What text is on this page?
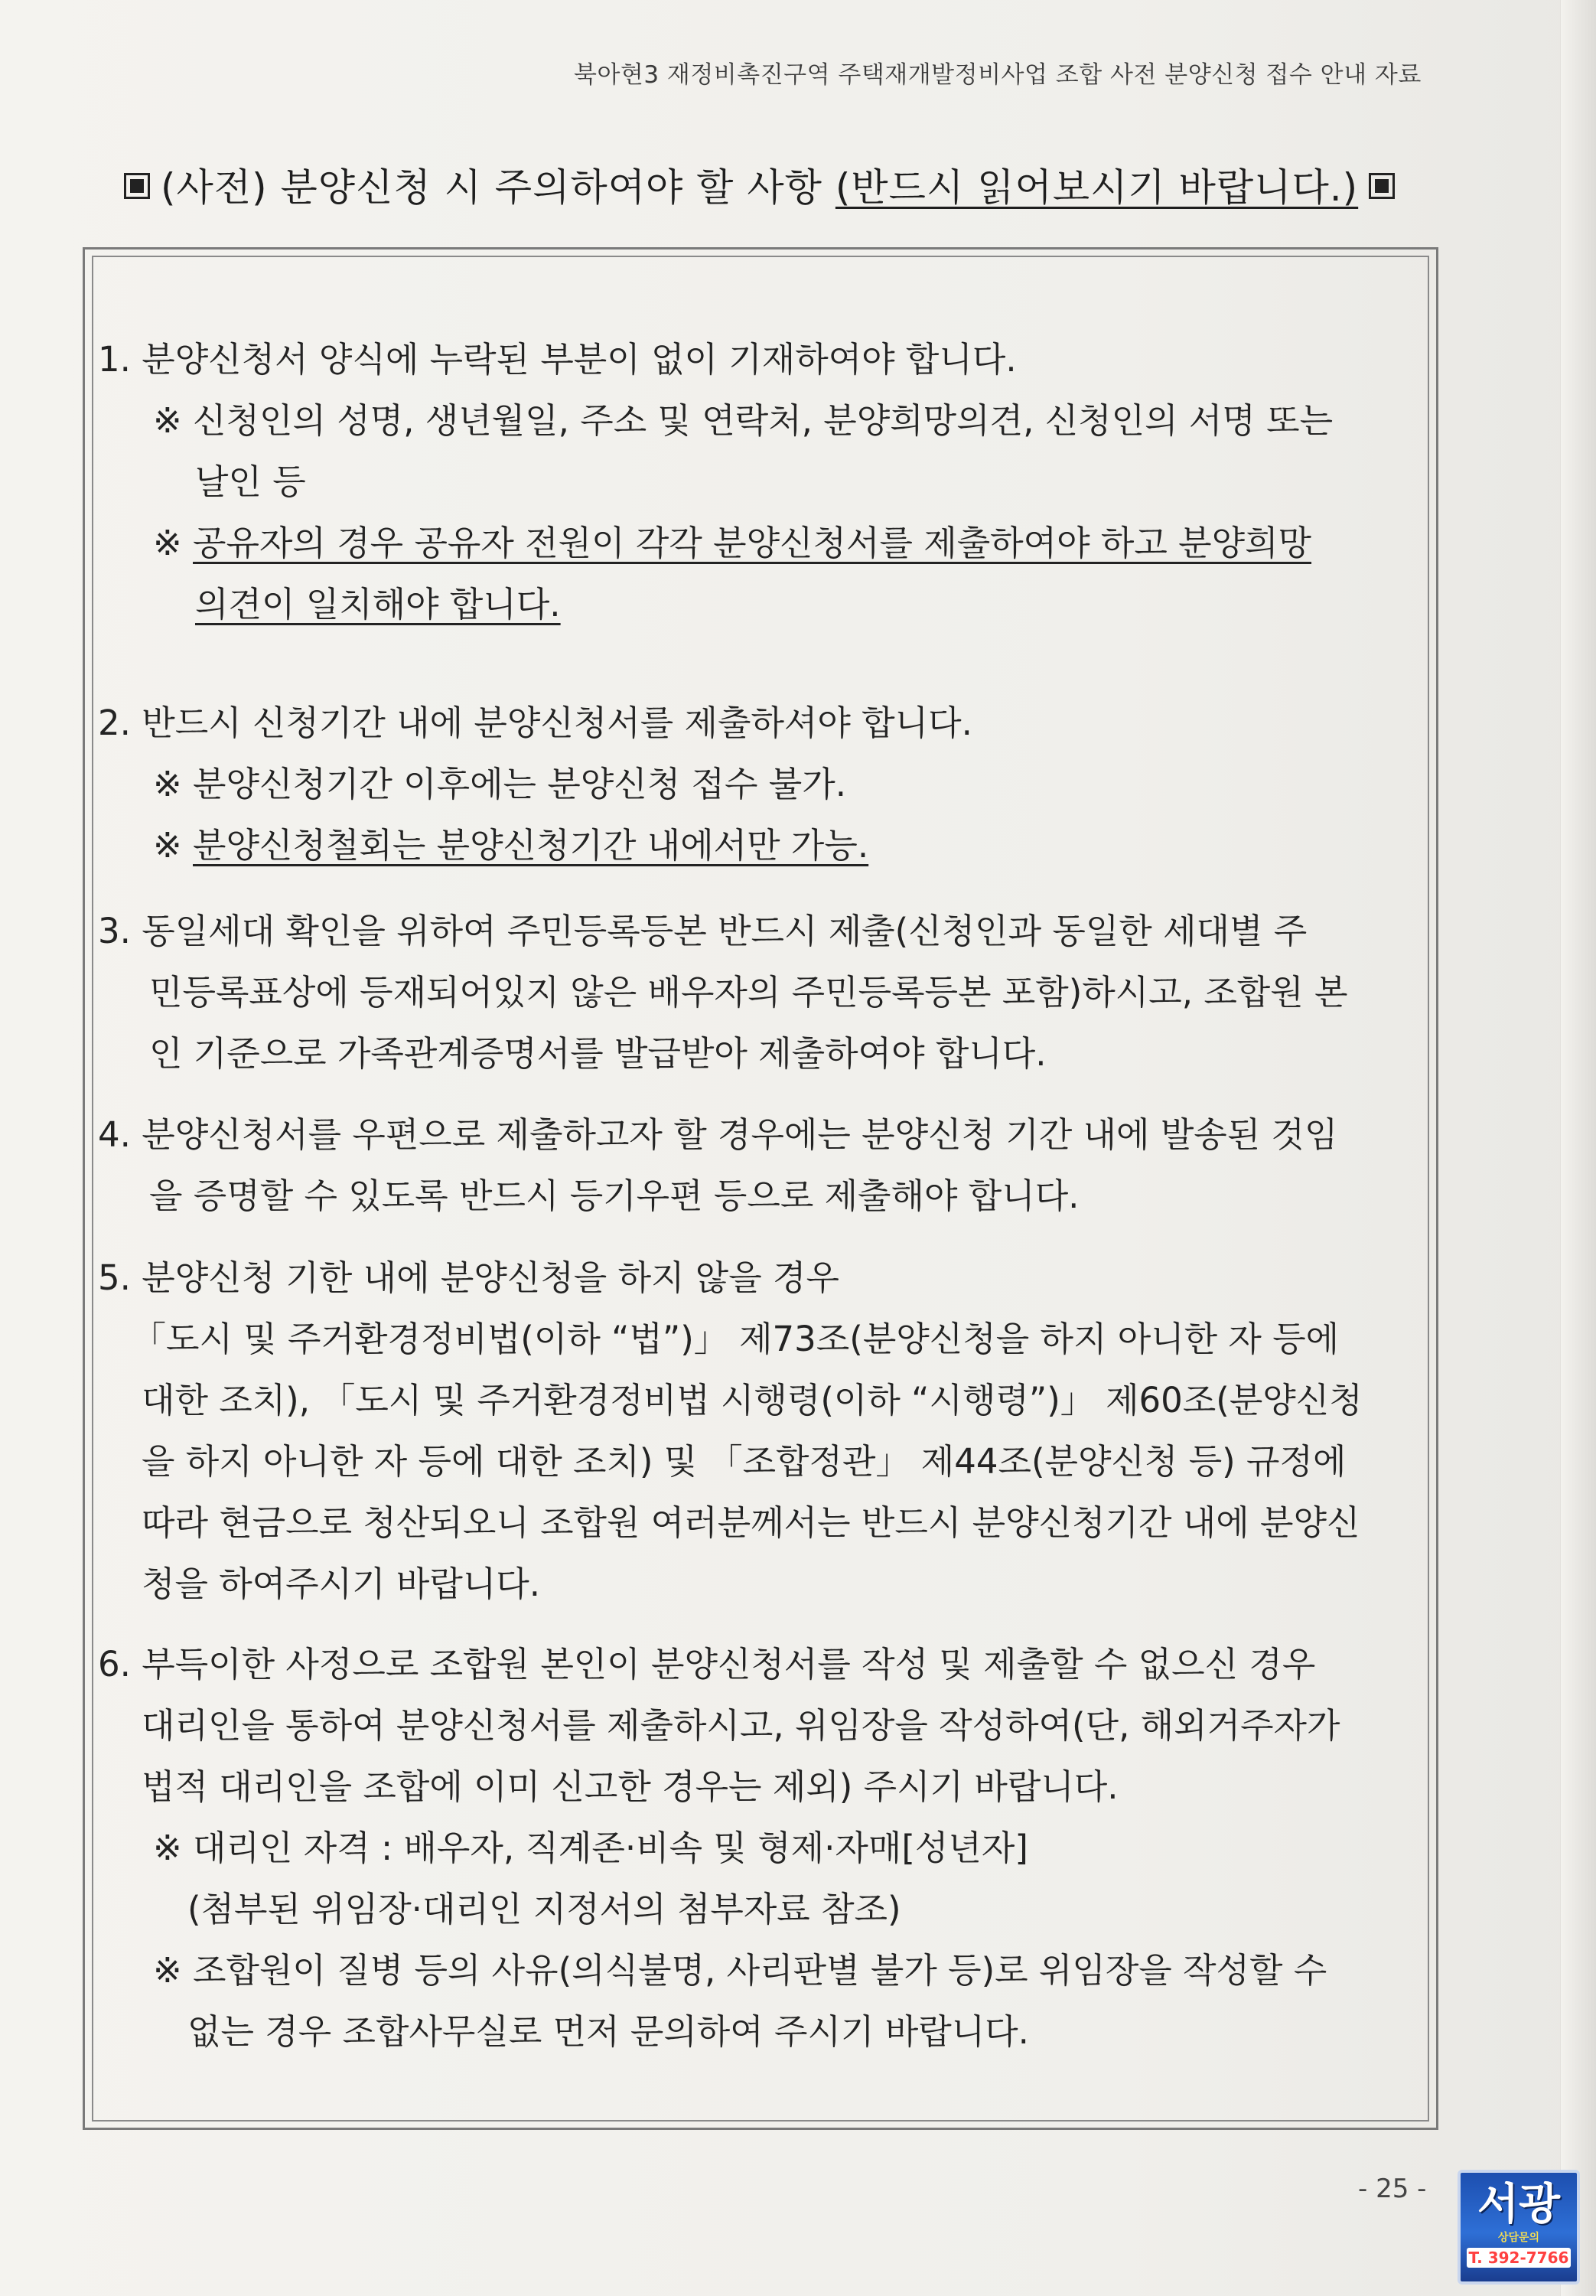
북아현3 재정비촉진구역 주택재개발정비사업 조합 사전 분양신청 접수 안내 자료
(사전) 분양신청 시 주의하여야 할 사항 (반드시 읽어보시기 바랍니다.)
1. 분양신청서 양식에 누락된 부분이 없이 기재하여야 합니다.
※ 신청인의 성명, 생년월일, 주소 및 연락처, 분양희망의견, 신청인의 서명 또는
날인 등
※ 공유자의 경우 공유자 전원이 각각 분양신청서를 제출하여야 하고 분양희망
의견이 일치해야 합니다.
2. 반드시 신청기간 내에 분양신청서를 제출하셔야 합니다.
※ 분양신청기간 이후에는 분양신청 접수 불가.
※ 분양신청철회는 분양신청기간 내에서만 가능.
3. 동일세대 확인을 위하여 주민등록등본 반드시 제출(신청인과 동일한 세대별 주
민등록표상에 등재되어있지 않은 배우자의 주민등록등본 포함)하시고, 조합원 본
인 기준으로 가족관계증명서를 발급받아 제출하여야 합니다.
4. 분양신청서를 우편으로 제출하고자 할 경우에는 분양신청 기간 내에 발송된 것임
을 증명할 수 있도록 반드시 등기우편 등으로 제출해야 합니다.
5. 분양신청 기한 내에 분양신청을 하지 않을 경우
「도시 및 주거환경정비법(이하 “법”)」 제73조(분양신청을 하지 아니한 자 등에
대한 조치), 「도시 및 주거환경정비법 시행령(이하 “시행령”)」 제60조(분양신청
을 하지 아니한 자 등에 대한 조치) 및 「조합정관」 제44조(분양신청 등) 규정에
따라 현금으로 청산되오니 조합원 여러분께서는 반드시 분양신청기간 내에 분양신
청을 하여주시기 바랍니다.
6. 부득이한 사정으로 조합원 본인이 분양신청서를 작성 및 제출할 수 없으신 경우
대리인을 통하여 분양신청서를 제출하시고, 위임장을 작성하여(단, 해외거주자가
법적 대리인을 조합에 이미 신고한 경우는 제외) 주시기 바랍니다.
※ 대리인 자격 : 배우자, 직계존·비속 및 형제·자매[성년자]
(첨부된 위임장·대리인 지정서의 첨부자료 참조)
※ 조합원이 질병 등의 사유(의식불명, 사리판별 불가 등)로 위임장을 작성할 수
없는 경우 조합사무실로 먼저 문의하여 주시기 바랍니다.
- 25 -	서광
상담문의
T. 392-7766
